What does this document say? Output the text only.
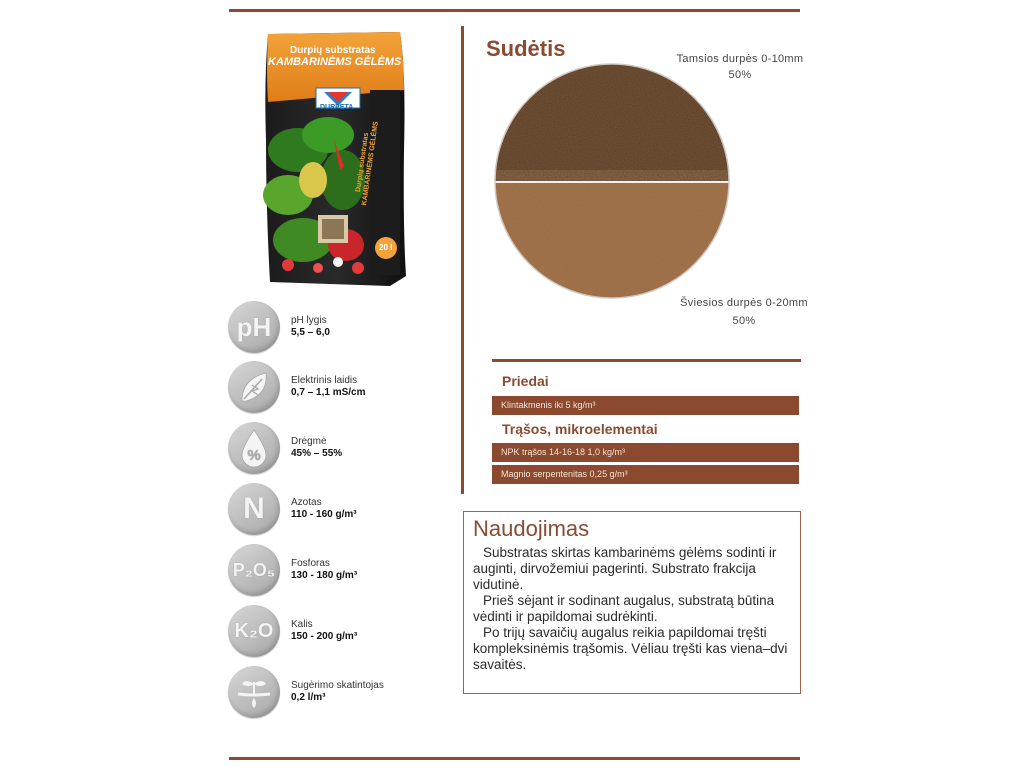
Durpių substratas
KAMBARINĖMS GĖLĖMS
DURPETA
20 l
Durpių substratas KAMBARINĖMS GĖLĖMS
pH	pH lygis
5,5 – 6,0
Elektrinis laidis
0,7 – 1,1 mS/cm
%
Drėgmė
45% – 55%
N	Azotas
110 - 160 g/m³
P₂O₅	Fosforas
130 - 180 g/m³
K₂O	Kalis
150 - 200 g/m³
Sugėrimo skatintojas
0,2 l/m³
Sudėtis	Tamsios durpės 0-10mm
50%
Šviesios durpės 0-20mm
50%
Priedai
Klintakmenis iki 5 kg/m³
Trąšos, mikroelementai
NPK trąšos 14-16-18 1,0 kg/m³
Magnio serpentenitas 0,25 g/m³
Naudojimas

Substratas skirtas kambarinėms gėlėms sodinti ir auginti, dirvožemiui pagerinti. Substrato frakcija vidutinė.

Prieš sėjant ir sodinant augalus, substratą būtina vėdinti ir papildomai sudrėkinti.

Po trijų savaičių augalus reikia papildomai tręšti kompleksinėmis trąšomis. Vėliau tręšti kas viena–dvi savaitės.
